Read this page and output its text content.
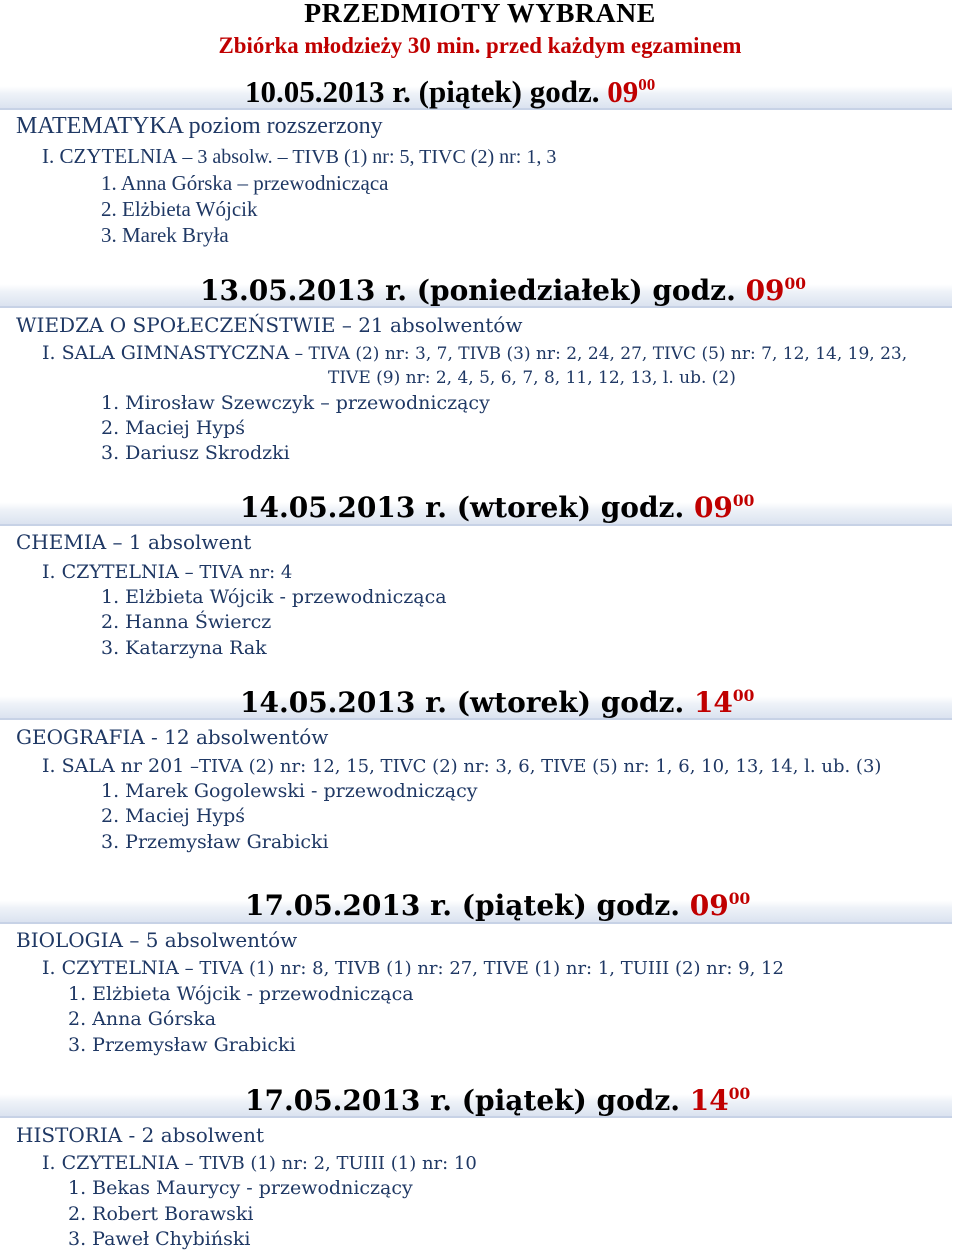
PRZEDMIOTY WYBRANE
Zbiórka młodzieży 30 min. przed każdym egzaminem
10.05.2013 r. (piątek) godz. $09^{00}$
MATEMATYKA poziom rozszerzony
I. CZYTELNIA – 3 absolw. – TIVB (1) nr: 5, TIVC (2) nr: 1, 3
1. Anna Górska – przewodnicząca
2. Elżbieta Wójcik
3. Marek Bryła
13.05.2013 r. (poniedziałek) godz. $09^{00}$
WIEDZA O SPOŁECZEŃSTWIE – 21 absolwentów
I. SALA GIMNASTYCZNA – TIVA (2) nr: 3, 7, TIVB (3) nr: 2, 24, 27, TIVC (5) nr: 7, 12, 14, 19, 23,
TIVE (9) nr: 2, 4, 5, 6, 7, 8, 11, 12, 13, l. ub. (2)
1. Mirosław Szewczyk – przewodniczący
2. Maciej Hypś
3. Dariusz Skrodzki
14.05.2013 r. (wtorek) godz. $09^{00}$
CHEMIA – 1 absolwent
I. CZYTELNIA – TIVA nr: 4
1. Elżbieta Wójcik - przewodnicząca
2. Hanna Świercz
3. Katarzyna Rak
14.05.2013 r. (wtorek) godz. $14^{00}$
GEOGRAFIA - 12 absolwentów
I. SALA nr 201 –TIVA (2) nr: 12, 15, TIVC (2) nr: 3, 6, TIVE (5) nr: 1, 6, 10, 13, 14, l. ub. (3)
1. Marek Gogolewski - przewodniczący
2. Maciej Hypś
3. Przemysław Grabicki
17.05.2013 r. (piątek) godz. $09^{00}$
BIOLOGIA – 5 absolwentów
I. CZYTELNIA – TIVA (1) nr: 8, TIVB (1) nr: 27, TIVE (1) nr: 1, TUIII (2) nr: 9, 12
1. Elżbieta Wójcik - przewodnicząca
2. Anna Górska
3. Przemysław Grabicki
17.05.2013 r. (piątek) godz. $14^{00}$
HISTORIA - 2 absolwent
I. CZYTELNIA – TIVB (1) nr: 2, TUIII (1) nr: 10
1. Bekas Maurycy - przewodniczący
2. Robert Borawski
3. Paweł Chybiński
